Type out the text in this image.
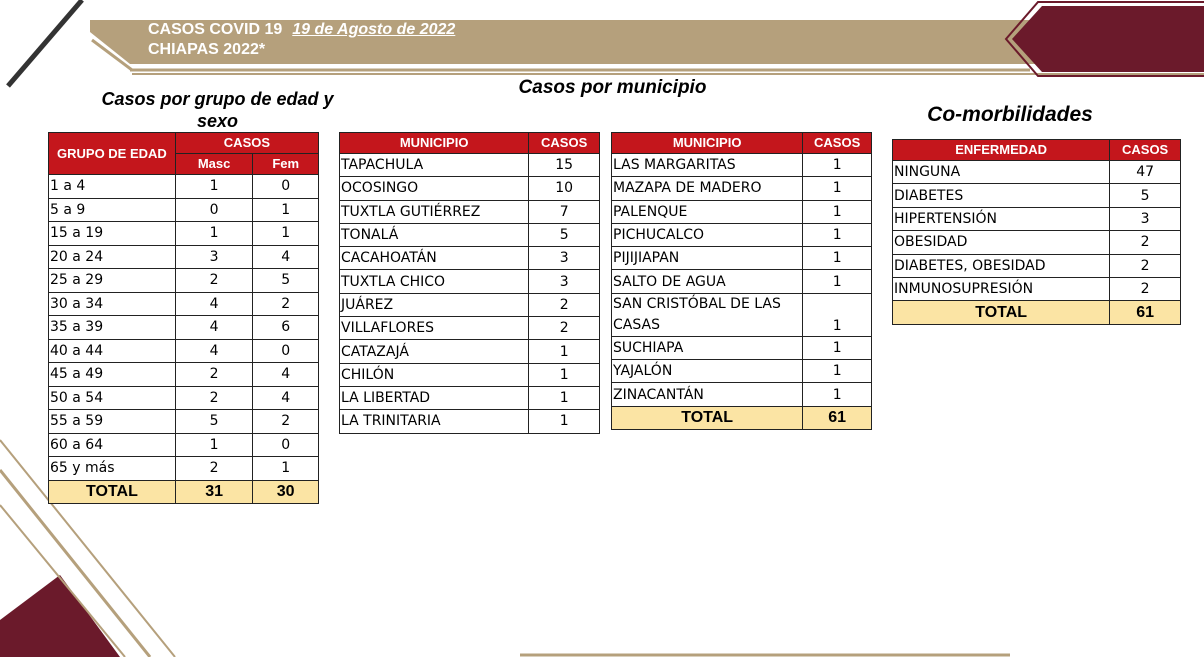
CASOS COVID 19 19 de Agosto de 2022
CHIAPAS 2022*
Casos por grupo de edad y sexo
Casos por municipio
Co-morbilidades
GRUPO DE EDAD	CASOS	
	Masc	Fem
1 a 4	1	0
5 a 9	0	1
15 a 19	1	1
20 a 24	3	4
25 a 29	2	5
30 a 34	4	2
35 a 39	4	6
40 a 44	4	0
45 a 49	2	4
50 a 54	2	4
55 a 59	5	2
60 a 64	1	0
65 y más	2	1
TOTAL	31	30
MUNICIPIO	CASOS
TAPACHULA	15
OCOSINGO	10
TUXTLA GUTIÉRREZ	7
TONALÁ	5
CACAHOATÁN	3
TUXTLA CHICO	3
JUÁREZ	2
VILLAFLORES	2
CATAZAJÁ	1
CHILÓN	1
LA LIBERTAD	1
LA TRINITARIA	1
MUNICIPIO	CASOS
LAS MARGARITAS	1
MAZAPA DE MADERO	1
PALENQUE	1
PICHUCALCO	1
PIJIJIAPAN	1
SALTO DE AGUA	1
SAN CRISTÓBAL DE LAS CASAS	1
SUCHIAPA	1
YAJALÓN	1
ZINACANTÁN	1
TOTAL	61
ENFERMEDAD	CASOS
NINGUNA	47
DIABETES	5
HIPERTENSIÓN	3
OBESIDAD	2
DIABETES, OBESIDAD	2
INMUNOSUPRESIÓN	2
TOTAL	61
